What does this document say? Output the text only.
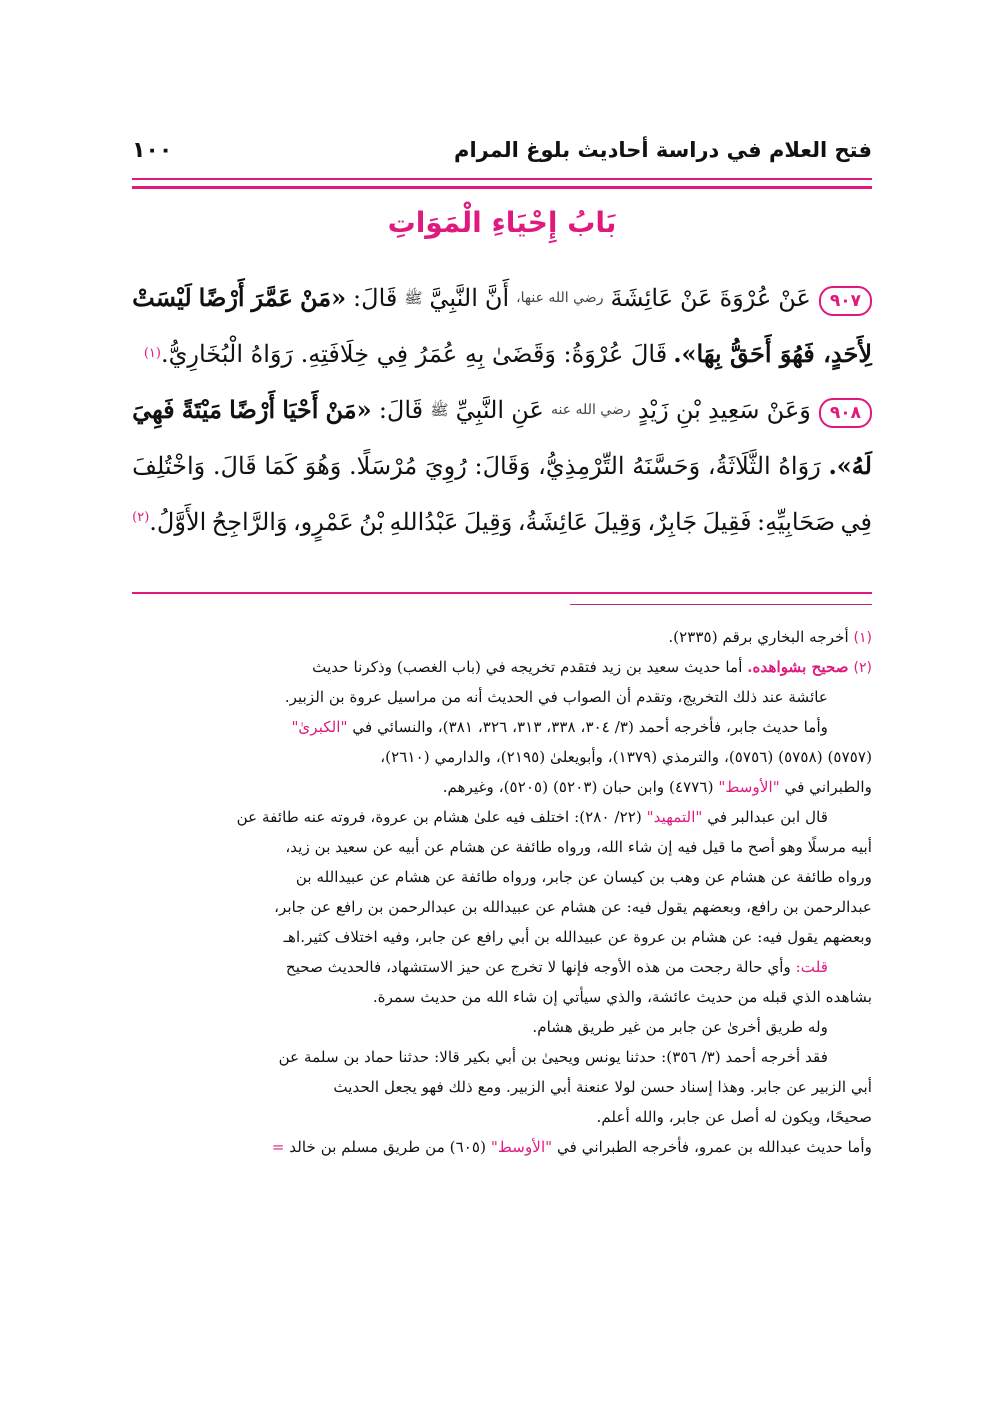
فتح العلام في دراسة أحاديث بلوغ المرام
١٠٠
بَابُ إِحْيَاءِ الْمَوَاتِ
٩٠٧عَنْ
عُرْوَةَ
عَنْ
عَائِشَةَ
رضي الله عنها،
أَنَّ
النَّبِيَّ
ﷺ
قَالَ:
«مَنْ
عَمَّرَ
أَرْضًا
لَيْسَتْ
لِأَحَدٍ، فَهُوَ أَحَقُّ بِهَا».
قَالَ عُرْوَةُ: وَقَضَىٰ بِهِ عُمَرُ فِي خِلَافَتِهِ. رَوَاهُ الْبُخَارِيُّ.
(١)
٩٠٨وَعَنْ
سَعِيدِ
بْنِ
زَيْدٍ
رضي الله عنه
عَنِ
النَّبِيِّ
ﷺ
قَالَ:
«مَنْ
أَحْيَا
أَرْضًا
مَيْتَةً
فَهِيَ
لَهُ».
رَوَاهُ
الثَّلَاثَةُ،
وَحَسَّنَهُ
التِّرْمِذِيُّ،
وَقَالَ:
رُوِيَ
مُرْسَلًا.
وَهُوَ
كَمَا
قَالَ.
وَاخْتُلِفَ
فِي
صَحَابِيِّهِ:
فَقِيلَ
جَابِرٌ،
وَقِيلَ
عَائِشَةُ،
وَقِيلَ
عَبْدُاللهِ
بْنُ
عَمْرٍو،
وَالرَّاجِحُ
الأَوَّلُ.$^{(٢)}$
(١) أخرجه البخاري برقم (٢٣٣٥).
(٢) صحيح بشواهده. أما حديث سعيد بن زيد فتقدم تخريجه في (باب الغصب) وذكرنا حديث
عائشة عند ذلك التخريج، وتقدم أن الصواب في الحديث أنه من مراسيل عروة بن الزبير.
وأما حديث جابر، فأخرجه أحمد (٣/ ٣٠٤، ٣٣٨، ٣١٣، ٣٢٦، ٣٨١)، والنسائي في "الكبرىٰ"
(٥٧٥٧) (٥٧٥٨) (٥٧٥٦)، والترمذي (١٣٧٩)، وأبويعلىٰ (٢١٩٥)، والدارمي (٢٦١٠)،
والطبراني في "الأوسط" (٤٧٧٦) وابن حبان (٥٢٠٣) (٥٢٠٥)، وغيرهم.
قال ابن عبدالبر في "التمهيد" (٢٢/ ٢٨٠): اختلف فيه علىٰ هشام بن عروة، فروته عنه طائفة عن
أبيه مرسلًا وهو أصح ما قيل فيه إن شاء الله، ورواه طائفة عن هشام عن أبيه عن سعيد بن زيد،
ورواه طائفة عن هشام عن وهب بن كيسان عن جابر، ورواه طائفة عن هشام عن عبيدالله بن
عبدالرحمن بن رافع، وبعضهم يقول فيه: عن هشام عن عبيدالله بن عبدالرحمن بن رافع عن جابر،
وبعضهم يقول فيه: عن هشام بن عروة عن عبيدالله بن أبي رافع عن جابر، وفيه اختلاف كثير.اهـ
قلت: وأي حالة رجحت من هذه الأوجه فإنها لا تخرج عن حيز الاستشهاد، فالحديث صحيح
بشاهده الذي قبله من حديث عائشة، والذي سيأتي إن شاء الله من حديث سمرة.
وله طريق أخرىٰ عن جابر من غير طريق هشام.
فقد أخرجه أحمد (٣/ ٣٥٦): حدثنا يونس ويحيىٰ بن أبي بكير قالا: حدثنا حماد بن سلمة عن
أبي الزبير عن جابر. وهذا إسناد حسن لولا عنعنة أبي الزبير. ومع ذلك فهو يجعل الحديث
صحيحًا، ويكون له أصل عن جابر، والله أعلم.
وأما حديث عبدالله بن عمرو، فأخرجه الطبراني في "الأوسط" (٦٠٥) من طريق مسلم بن خالد =
